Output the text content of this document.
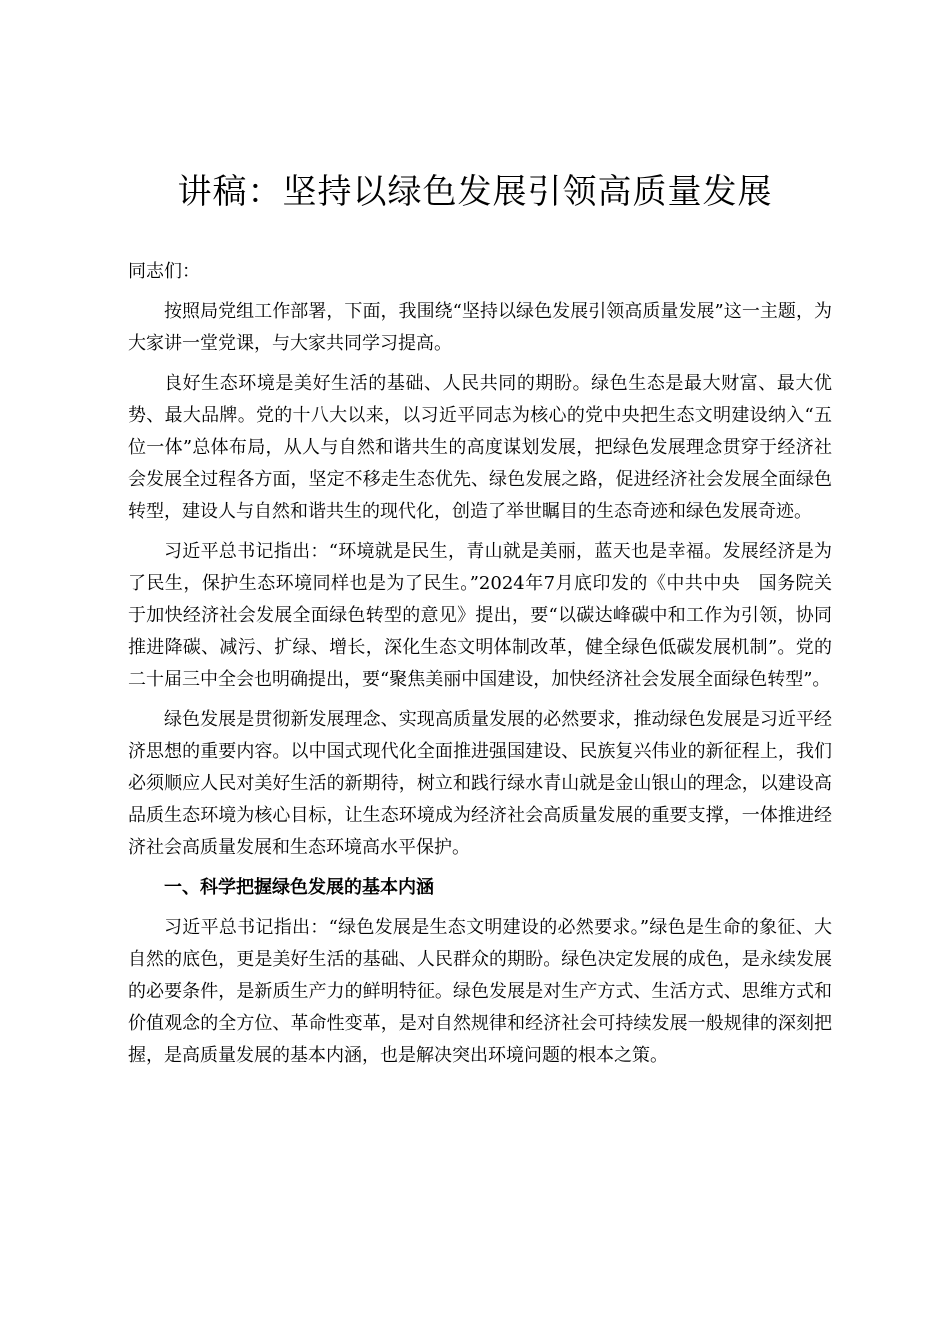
讲稿：坚持以绿色发展引领高质量发展

同志们：

按照局党组工作部署，下面，我围绕“坚持以绿色发展引领高质量发展”这一主题，为大家讲一堂党课，与大家共同学习提高。

良好生态环境是美好生活的基础、人民共同的期盼。绿色生态是最大财富、最大优势、最大品牌。党的十八大以来，以习近平同志为核心的党中央把生态文明建设纳入“五位一体”总体布局，从人与自然和谐共生的高度谋划发展，把绿色发展理念贯穿于经济社会发展全过程各方面，坚定不移走生态优先、绿色发展之路，促进经济社会发展全面绿色转型，建设人与自然和谐共生的现代化，创造了举世瞩目的生态奇迹和绿色发展奇迹。

习近平总书记指出：“环境就是民生，青山就是美丽，蓝天也是幸福。发展经济是为了民生，保护生态环境同样也是为了民生。”2024年7月底印发的《中共中央　国务院关于加快经济社会发展全面绿色转型的意见》提出，要“以碳达峰碳中和工作为引领，协同推进降碳、减污、扩绿、增长，深化生态文明体制改革，健全绿色低碳发展机制”。党的二十届三中全会也明确提出，要“聚焦美丽中国建设，加快经济社会发展全面绿色转型”。

绿色发展是贯彻新发展理念、实现高质量发展的必然要求，推动绿色发展是习近平经济思想的重要内容。以中国式现代化全面推进强国建设、民族复兴伟业的新征程上，我们必须顺应人民对美好生活的新期待，树立和践行绿水青山就是金山银山的理念，以建设高品质生态环境为核心目标，让生态环境成为经济社会高质量发展的重要支撑，一体推进经济社会高质量发展和生态环境高水平保护。

一、科学把握绿色发展的基本内涵

习近平总书记指出：“绿色发展是生态文明建设的必然要求。”绿色是生命的象征、大自然的底色，更是美好生活的基础、人民群众的期盼。绿色决定发展的成色，是永续发展的必要条件，是新质生产力的鲜明特征。绿色发展是对生产方式、生活方式、思维方式和价值观念的全方位、革命性变革，是对自然规律和经济社会可持续发展一般规律的深刻把握，是高质量发展的基本内涵，也是解决突出环境问题的根本之策。
